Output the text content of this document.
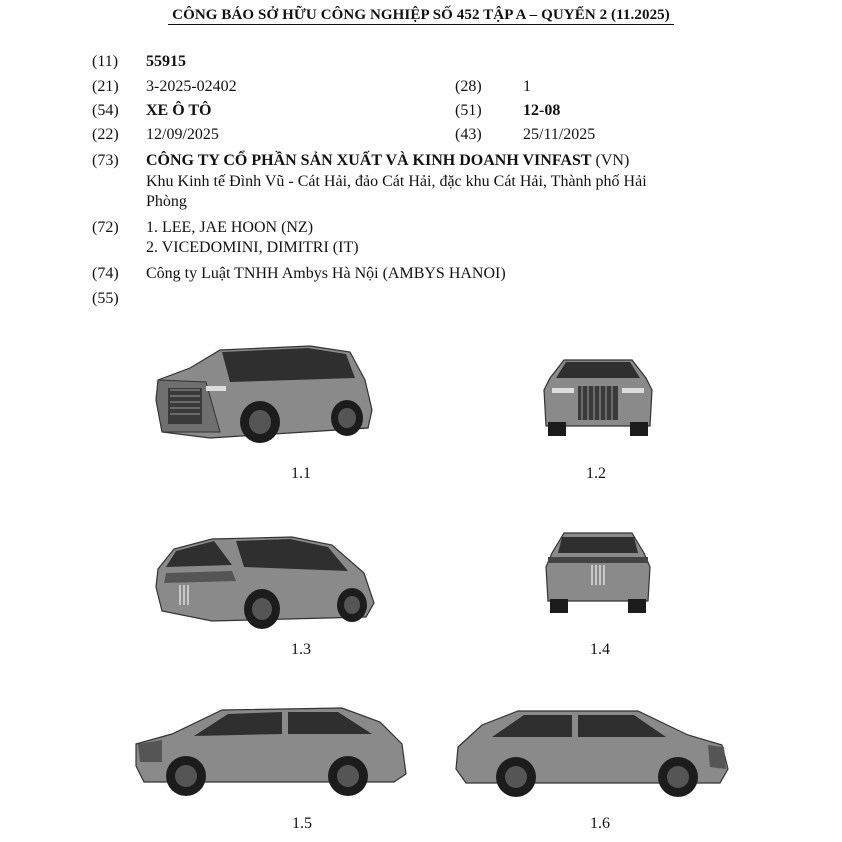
CÔNG BÁO SỞ HỮU CÔNG NGHIỆP SỐ 452 TẬP A – QUYỂN 2 (11.2025)
(11) 55915
(21) 3-2025-02402	(28)	1
(54) XE Ô TÔ	(51)	12-08
(22) 12/09/2025	(43)	25/11/2025
(73) CÔNG TY CỔ PHẦN SẢN XUẤT VÀ KINH DOANH VINFAST (VN)
Khu Kinh tế Đình Vũ - Cát Hải, đảo Cát Hải, đặc khu Cát Hải, Thành phố Hải
Phòng
(72) 1. LEE, JAE HOON (NZ)
2. VICEDOMINI, DIMITRI (IT)
(74) Công ty Luật TNHH Ambys Hà Nội (AMBYS HANOI)
(55)
1.1	1.2
1.3	1.4
1.5	1.6
